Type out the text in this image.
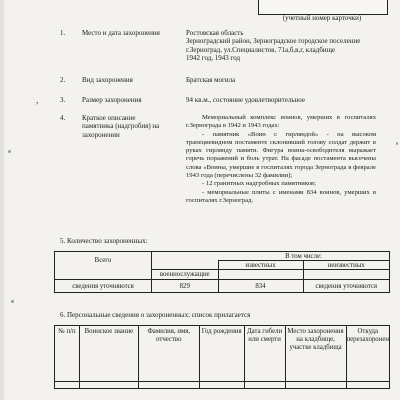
(учетный номер карточки)
1. Место и дата захоронения	Ростовская область
Зерноградский район, Зерноградское городское поселение
г.Зерноград, ул.Специалистов, 71а,б,в,г, кладбище
1942 год, 1943 год
2. Вид захоронения	Братская могила
,	3. Размер захоронения	94 кв.м., состояние удовлетворительное
4. Краткое описание
памятника (надгробия) на
захоронении

Мемориальный комплекс воинов, умерших в госпиталях г.Зернограда в 1942 и 1943 годах:

- памятник «Воин с гирляндой» - на высоком трапециевидном постаменте склонивший голову солдат держит в руках гирлянду памяти. Фигура воина-освободителя выражает горечь поражений и боль утрат. На фасаде постамента высечены слова «Воины, умершие в госпиталях города Зернограда в феврале 1943 года (перечислены 32 фамилии);

- 12 гранитных надгробных памятников;

- мемориальные плиты с именами 834 воинов, умерших в госпиталях г.Зерноград.

5. Количество захороненных:
Всего		В том числе:	
		известных	неизвестных
	военнослужащие		
сведения уточняются	829	834	сведения уточняются
6. Персональные сведения о захороненных: список прилагается
№ п/п	Воинское звание	Фамилия, имя, отчество	Год рождения	Дата гибели или смерти	Место захоронения на кладбище, участке кладбища	Откуда перезахоронен
